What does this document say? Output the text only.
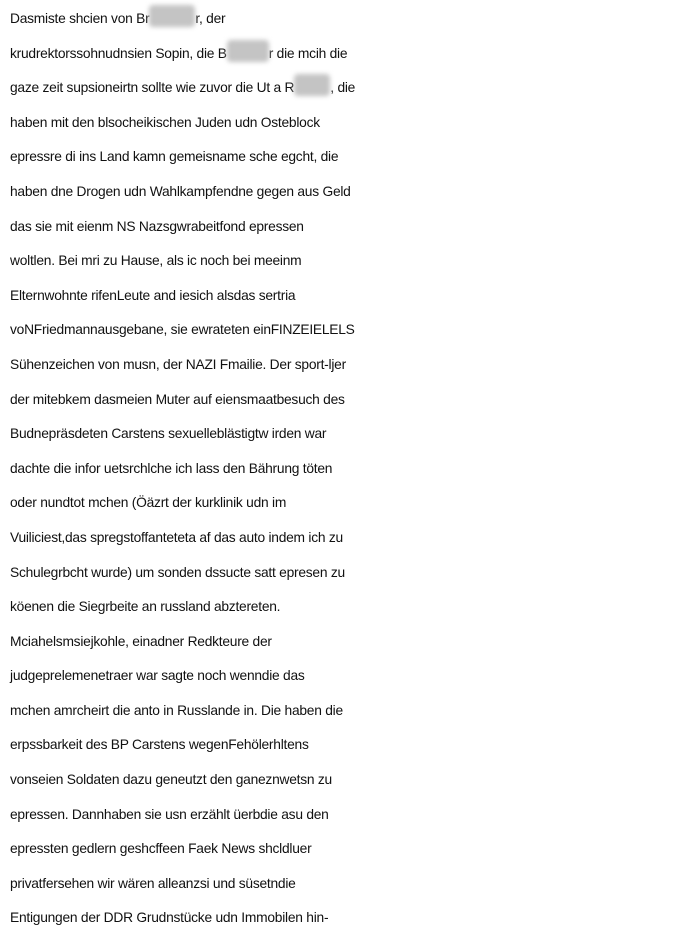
Dasmiste shcien von Br	r, der
krudrektorssohnudnsien Sopin, die B	r die mcih die
gaze zeit supsioneirtn sollte wie zuvor die Ut a R	, die
haben mit den blsocheikischen Juden udn Osteblock
epressre di ins Land kamn gemeisname sche egcht, die
haben dne Drogen udn Wahlkampfendne gegen aus Geld
das sie mit eienm NS Nazsgwrabeitfond epressen
woltlen. Bei mri zu Hause, als ic noch bei meeinm
Elternwohnte rifenLeute and iesich alsdas sertria
voNFriedmannausgebane, sie ewrateten einFINZEIELELS
Sühenzeichen von musn, der NAZI Fmailie. Der sport-ljer
der mitebkem dasmeien Muter auf eiensmaatbesuch des
Budnepräsdeten Carstens sexuelleblästigtw irden war
dachte die infor uetsrchlche ich lass den Bährung töten
oder nundtot mchen (Öäzrt der kurklinik udn im
Vuiliciest,das spregstoffanteteta af das auto indem ich zu
Schulegrbcht wurde) um sonden dssucte satt epresen zu
köenen die Siegrbeite an russland abztereten.
Mciahelsmsiejkohle, einadner Redkteure der
judgeprelemenetraer war sagte noch wenndie das
mchen amrcheirt die anto in Russlande in. Die haben die
erpssbarkeit des BP Carstens wegenFehölerhltens
vonseien Soldaten dazu geneutzt den ganeznwetsn zu
epressen. Dannhaben sie usn erzählt üerbdie asu den
epressten gedlern geshcffeen Faek News shcldluer
privatfersehen wir wären alleanzsi und süsetndie
Entigungen der DDR Grudnstücke udn Immobilen hin-
